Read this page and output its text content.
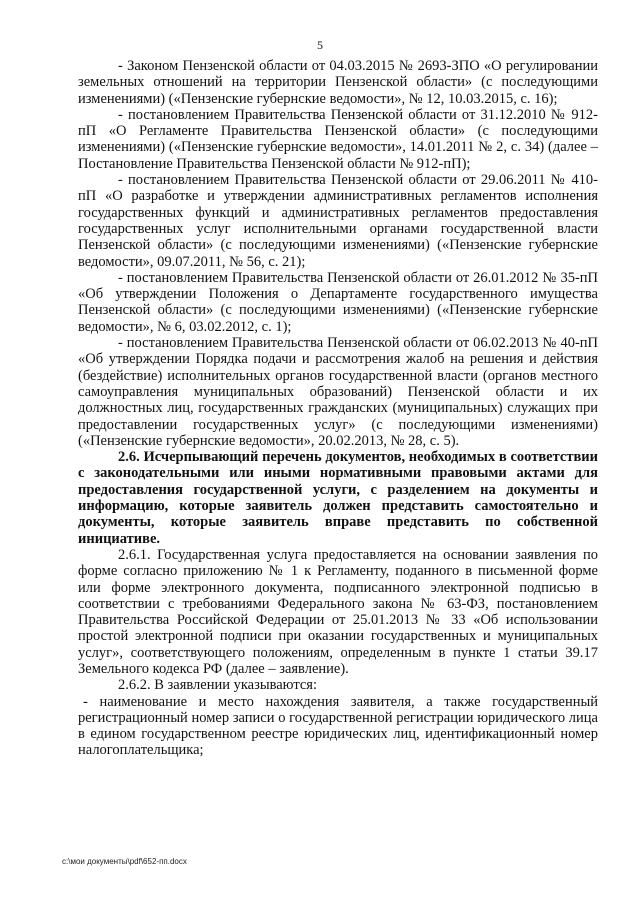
5

- Законом Пензенской области от 04.03.2015 № 2693-ЗПО «О регулировании земельных отношений на территории Пензенской области» (с последующими изменениями) («Пензенские губернские ведомости», № 12, 10.03.2015, с. 16);

- постановлением Правительства Пензенской области от 31.12.2010 № 912-пП «О Регламенте Правительства Пензенской области» (с последующими изменениями) («Пензенские губернские ведомости», 14.01.2011 № 2, с. 34) (далее – Постановление Правительства Пензенской области № 912-пП);

- постановлением Правительства Пензенской области от 29.06.2011 № 410-пП «О разработке и утверждении административных регламентов исполнения государственных функций и административных регламентов предоставления государственных услуг исполнительными органами государственной власти Пензенской области» (с последующими изменениями) («Пензенские губернские ведомости», 09.07.2011, № 56, с. 21);

- постановлением Правительства Пензенской области от 26.01.2012 № 35-пП «Об утверждении Положения о Департаменте государственного имущества Пензенской области» (с последующими изменениями) («Пензенские губернские ведомости», № 6, 03.02.2012, с. 1);

- постановлением Правительства Пензенской области от 06.02.2013 № 40-пП «Об утверждении Порядка подачи и рассмотрения жалоб на решения и действия (бездействие) исполнительных органов государственной власти (органов местного самоуправления муниципальных образований) Пензенской области и их должностных лиц, государственных гражданских (муниципальных) служащих при предоставлении государственных услуг» (с последующими изменениями) («Пензенские губернские ведомости», 20.02.2013, № 28, с. 5).

2.6. Исчерпывающий перечень документов, необходимых в соответствии с законодательными или иными нормативными правовыми актами для предоставления государственной услуги, с разделением на документы и информацию, которые заявитель должен представить самостоятельно и документы, которые заявитель вправе представить по собственной инициативе.

2.6.1. Государственная услуга предоставляется на основании заявления по форме согласно приложению № 1 к Регламенту, поданного в письменной форме или форме электронного документа, подписанного электронной подписью в соответствии с требованиями Федерального закона № 63-ФЗ, постановлением Правительства Российской Федерации от 25.01.2013 № 33 «Об использовании простой электронной подписи при оказании государственных и муниципальных услуг», соответствующего положениям, определенным в пункте 1 статьи 39.17 Земельного кодекса РФ (далее – заявление).

2.6.2. В заявлении указываются:

- наименование и место нахождения заявителя, а также государственный регистрационный номер записи о государственной регистрации юридического лица в едином государственном реестре юридических лиц, идентификационный номер налогоплательщика;

c:\мои документы\pdf\652-пп.docx
